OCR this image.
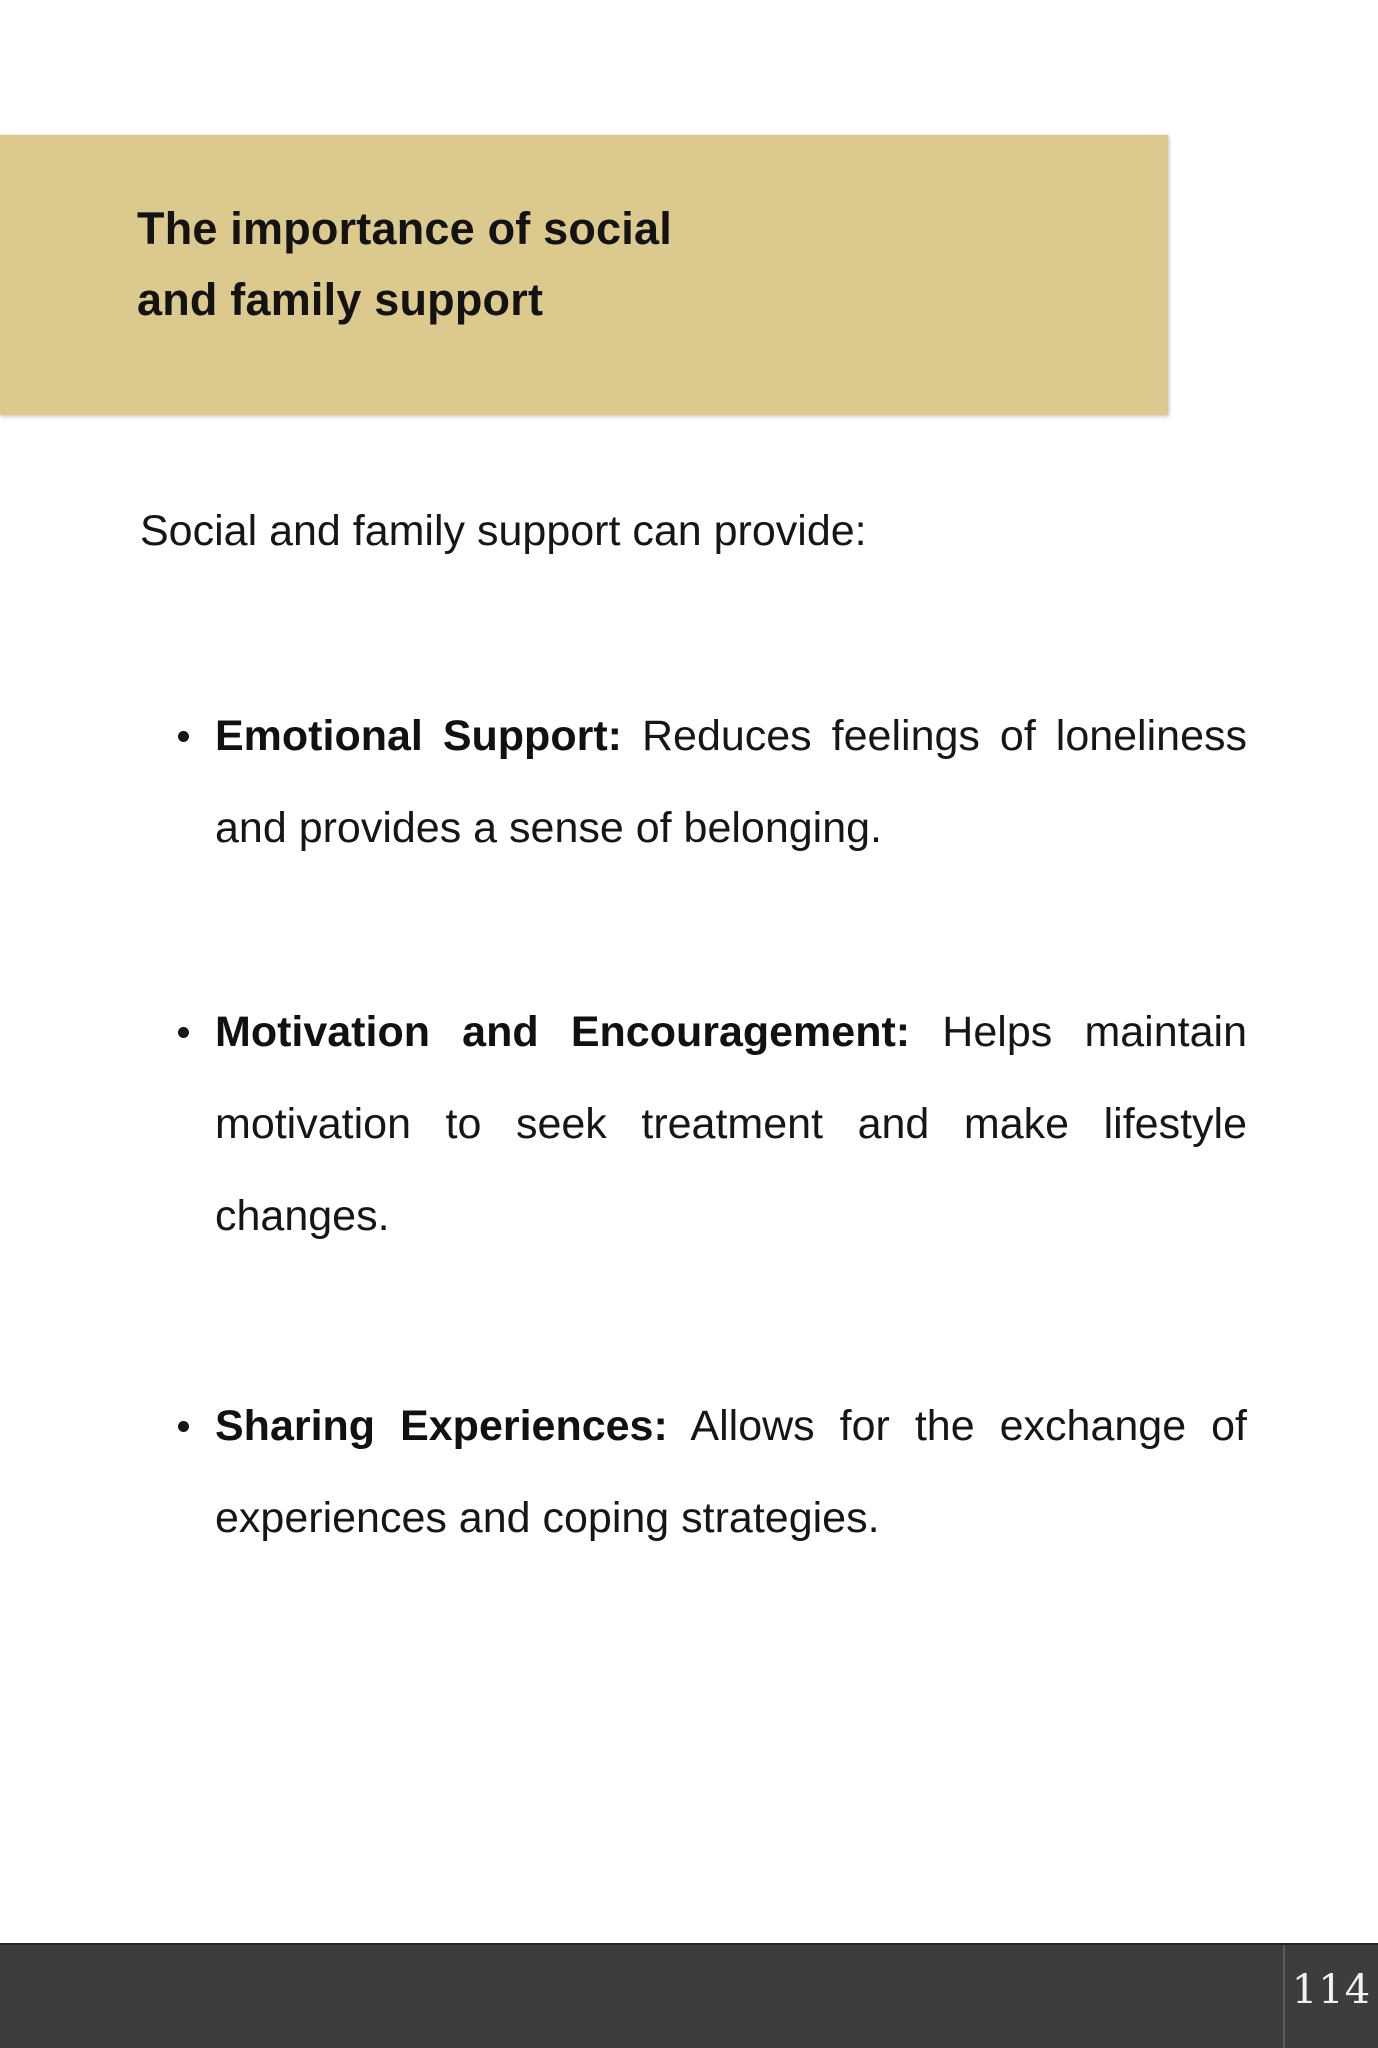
The importance of social
and family support

Social and family support can provide:

Emotional Support: Reduces feelings of loneliness and provides a sense of belonging.
Motivation and Encouragement: Helps maintain motivation to seek treatment and make lifestyle changes.
Sharing Experiences: Allows for the exchange of experiences and coping strategies.
114
